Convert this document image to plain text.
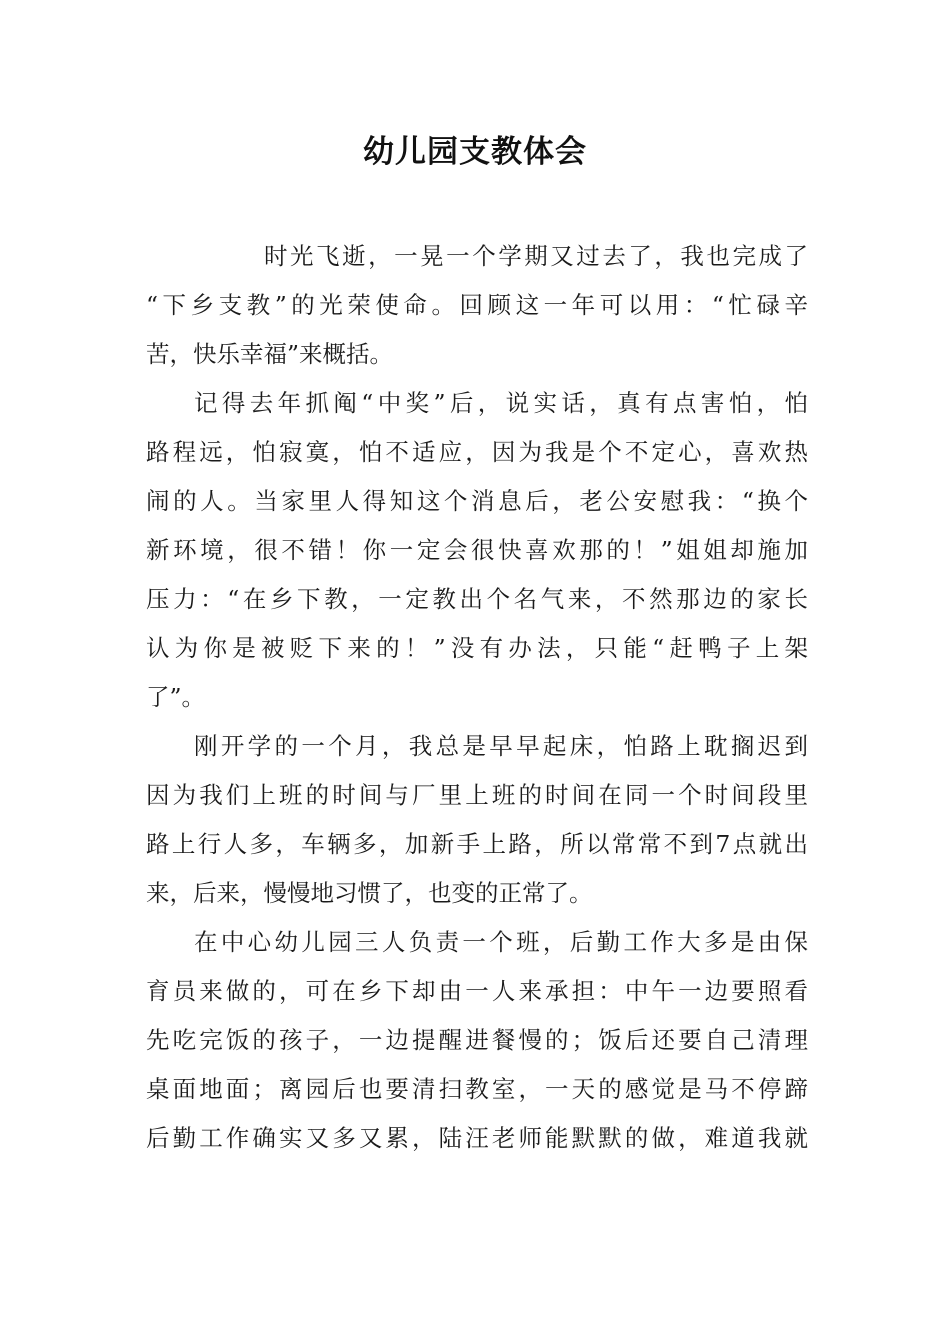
幼儿园支教体会
时光飞逝，一晃一个学期又过去了，我也完成了
“下乡支教”的光荣使命。回顾这一年可以用：“忙碌辛
苦，快乐幸福”来概括。
记得去年抓阄“中奖”后，说实话，真有点害怕，怕
路程远，怕寂寞，怕不适应，因为我是个不定心，喜欢热
闹的人。当家里人得知这个消息后，老公安慰我：“换个
新环境，很不错！你一定会很快喜欢那的！”姐姐却施加
压力：“在乡下教，一定教出个名气来，不然那边的家长
认为你是被贬下来的！”没有办法，只能“赶鸭子上架
了”。
刚开学的一个月，我总是早早起床，怕路上耽搁迟到
因为我们上班的时间与厂里上班的时间在同一个时间段里
路上行人多，车辆多，加新手上路，所以常常不到7点就出
来，后来，慢慢地习惯了，也变的正常了。
在中心幼儿园三人负责一个班，后勤工作大多是由保
育员来做的，可在乡下却由一人来承担：中午一边要照看
先吃完饭的孩子，一边提醒进餐慢的；饭后还要自己清理
桌面地面；离园后也要清扫教室，一天的感觉是马不停蹄
后勤工作确实又多又累，陆汪老师能默默的做，难道我就
